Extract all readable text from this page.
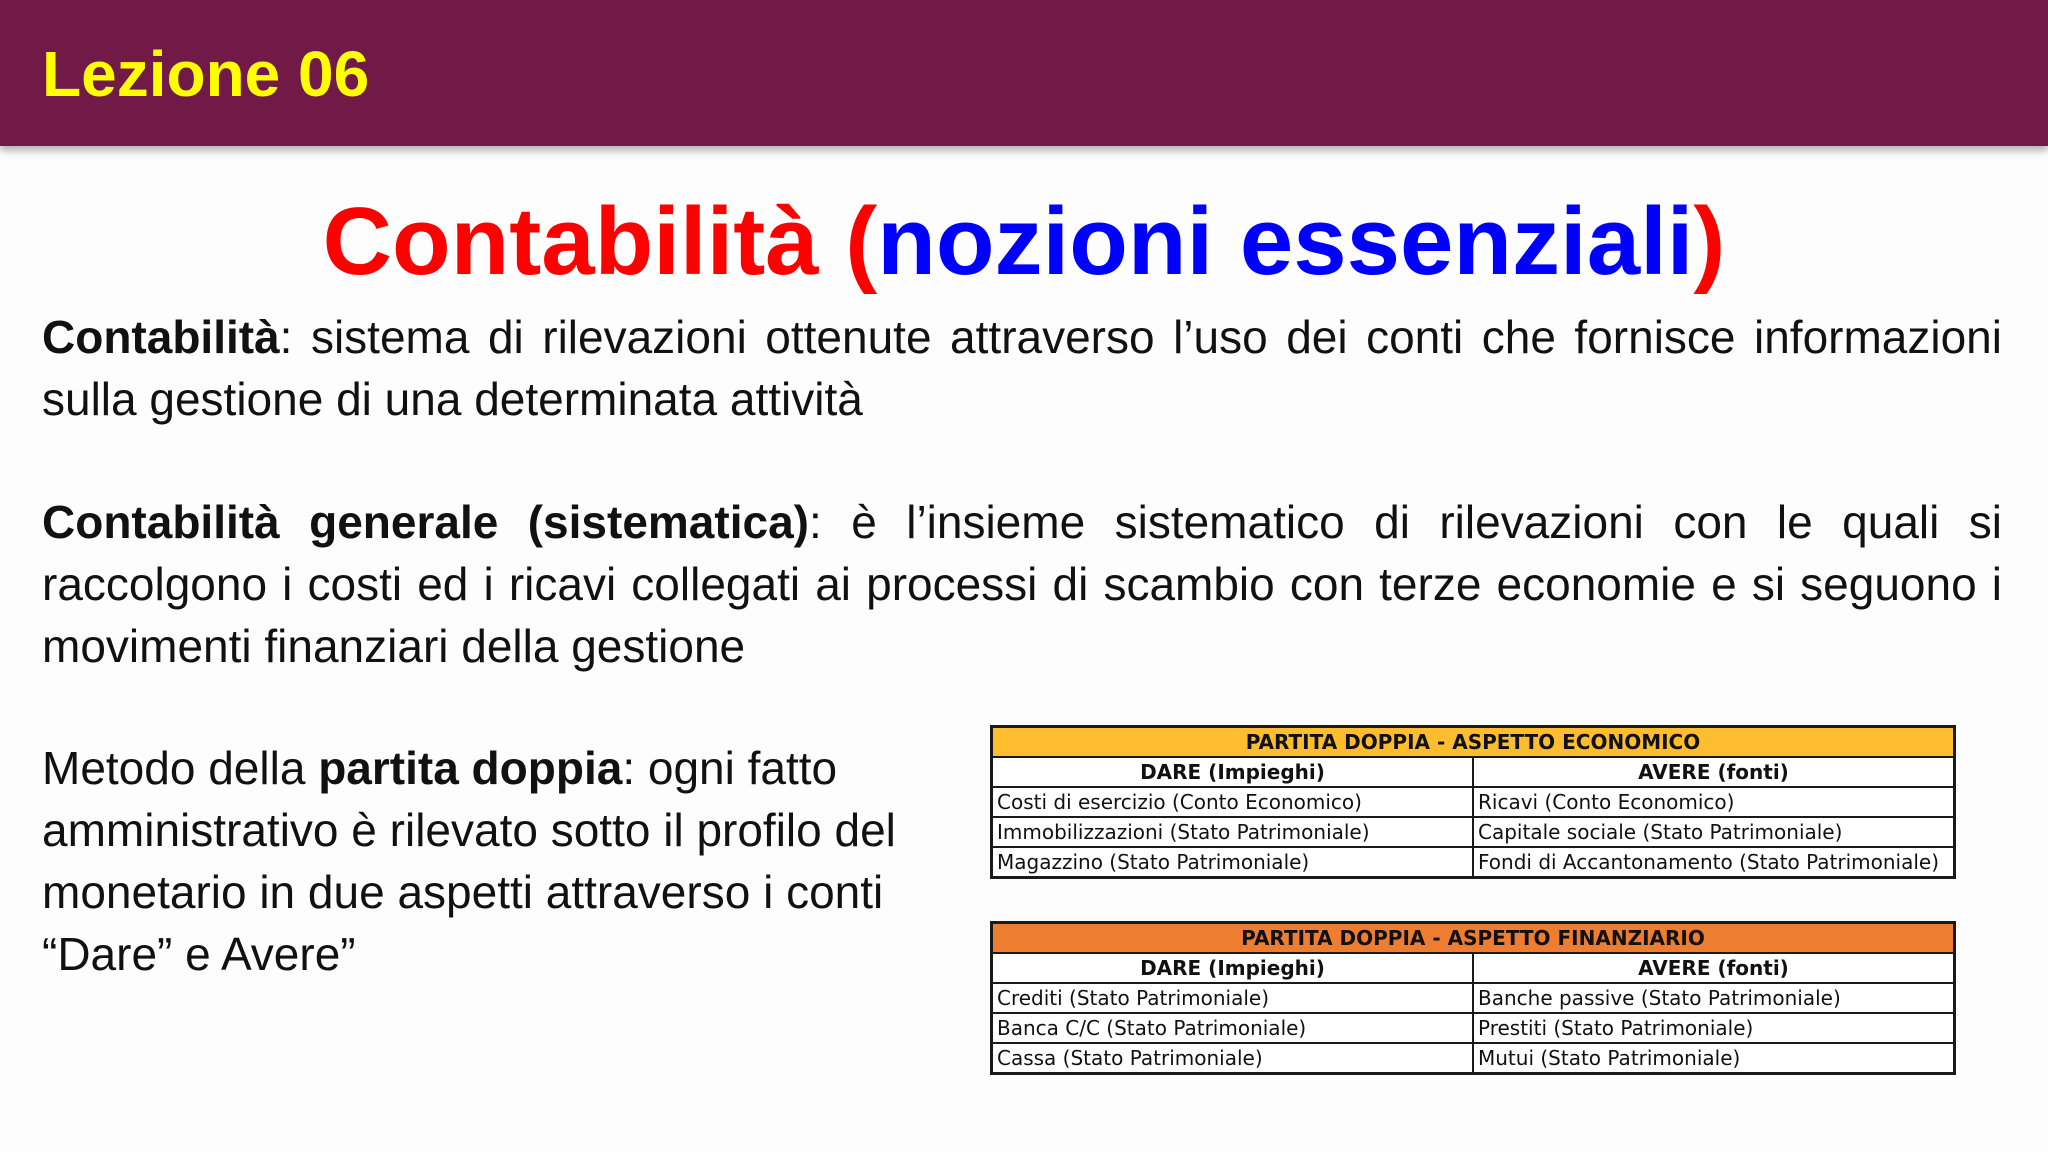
Lezione 06
Contabilità (nozioni essenziali)
Contabilità: sistema di rilevazioni ottenute attraverso l’uso dei conti che fornisce informazioni sulla gestione di una determinata attività
Contabilità generale (sistematica): è l’insieme sistematico di rilevazioni con le quali si raccolgono i costi ed i ricavi collegati ai processi di scambio con terze economie e si seguono i movimenti finanziari della gestione
Metodo della partita doppia: ogni fatto amministrativo è rilevato sotto il profilo del monetario in due aspetti attraverso i conti “Dare” e Avere”
PARTITA DOPPIA - ASPETTO ECONOMICO	
DARE (Impieghi)	AVERE (fonti)
Costi di esercizio (Conto Economico)	Ricavi (Conto Economico)
Immobilizzazioni (Stato Patrimoniale)	Capitale sociale (Stato Patrimoniale)
Magazzino (Stato Patrimoniale)	Fondi di Accantonamento (Stato Patrimoniale)
PARTITA DOPPIA - ASPETTO FINANZIARIO	
DARE (Impieghi)	AVERE (fonti)
Crediti (Stato Patrimoniale)	Banche passive (Stato Patrimoniale)
Banca C/C (Stato Patrimoniale)	Prestiti (Stato Patrimoniale)
Cassa (Stato Patrimoniale)	Mutui (Stato Patrimoniale)
